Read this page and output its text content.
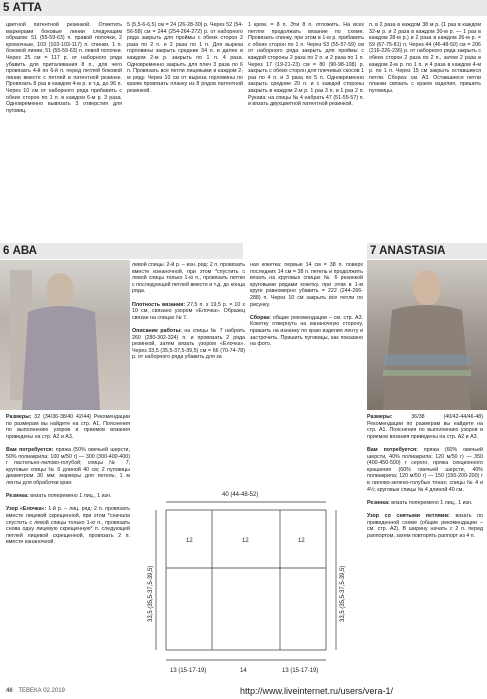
5 АТТА
цветной патентной резинкой. Отметить маркерами боковые линии следующим образом: 51 (55-59-63) п. правой полочки, 2 кромочные, 103 (103-103-117) п. спинки, 1 п. боковой линии, 51 (55-59-63) п. левой полочки. Через 25 см = 117 р. от наборного ряда убавить для приталивания 8 п., для чего провязать 4-й по 6-й п. перед петлей боковой линии вместе с петлей в патентной резинке. Провязать 8 раз в каждом 4-м р. и т.д. до 96 п. Через 10 см от наборного ряда прибавить с обеих сторон по 1 п. в каждом 6-м р. 3 раза. Одновременно вывязать 3 отверстия для пуговиц.
5 (5,5-6-6,5) см = 24 (26-28-30) р. Через 52 (54-56-58) см = 244 (254-264-272) р. от наборного ряда закрыть для проймы с обеих сторон 2 раза по 2 п. и 2 раза по 1 п. Для выреза горловины закрыть средние 34 п. и далее в каждом 2-м р. закрыть по 1 п. 4 раза. Одновременно закрыть для плеч 3 раза по 6 п. Провязать все петли лицевыми в каждом 2-м ряду. Через 10 см от выреза горловины по краям провязать планку из 8 рядов патентной резинкой.
1 кром. = 8 п. Эти 8 п. отложить. На всех петлях продолжать вязание по схеме. Провязать спинку, при этом в 1-м р. прибавить с обеих сторон по 1 п. Через 53 (55-57-59) см от наборного ряда закрыть для проймы с каждой стороны 2 раза по 2 п. и 2 раза по 1 п. Через 17 (19-21-23) см = 80 (90-98-108) р. закрыть с обеих сторон для плечевых скосов 1 раз по 4 п. и 3 раза по 5 п. Одновременно закрыть средние 20 п. и с каждой стороны закрыть в каждом 2-м р. 1 раз 3 п. и 1 раз 2 п. Рукава: на спицы № 4 набрать 47 (51-55-57) п. и вязать двухцветной патентной резинкой.
п. в 2 раза в каждом 38 м р. (1 раз в каждом 32-м р. и 2 раза в каждом 30-м р. — 1 раз в каждом 28-м р.) и 2 раза в каждом 26-м р. = 59 (67-75-81) п. Через 44 (46-48-50) см = 206 (216-226-236) р. от наборного ряда закрыть с обеих сторон 2 раза по 2 п., затем 2 раза в каждом 2-м р. по 1 п. и 4 раза в каждом 4-м р. по 1 п. Через 15 см закрыть оставшиеся петли. Сборка: см. A3. Оставшиеся петли планки связать с краем изделия, пришить пуговицы.
6 АВА	7 ANASTASIA
левой спицы. 2-й р. – изн. ряд: 2 п. провязать вместе изнаночной, при этом *спустить с левой спицы только 1-ю п., провязать петлю с последующей петлей вместе и т.д. до конца ряда.

Плотность вязания: 27,5 п. x 19,5 р. = 10 x 10 см, связано узором «Елочка». Образец связан на спицах № 7.

Описание работы: на спицы № 7 набрать 260 (280-302-324) п. и провязать 2 ряда резинкой, затем вязать узором «Елочка». Через 33,5 (35,5-37,5-39,5) см = 66 (70-74-78) р. от наборного ряда убавить для за
ная кокетка: первые 14 см = 38 п. поверх последних 14 см = 38 п. петель и продолжить вязать на круговых спицах № 6 резинкой круговыми рядами кокетку, при этом в 1-м круге равномерно убавить = 222 (244-266-288) п. Через 10 см закрыть все петли по рисунку.

Сборка: общие рекомендации – см. стр. A3. Кокетку отвернуть на изнаночную сторону, пришить на изнанку по краю изделия ленту и застрочить. Пришить пуговицы, как показано на фото.
Размеры: 32 (34/36-38/40 42/44) Рекомендации по размерам вы найдете на стр. A1. Пояснения по выполнению узоров и приемов вязания приведены на стр. A2 и A3.

Вам потребуется: пряжа (50% овечьей шерсти, 50% полиакрила; 100 м/50 г) — 300 (300-400-400) г пастельно-лилово-голубой; спицы № 7; круговые спицы № 6 длиной 40 см; 2 пуговицы диаметром 30 мм; маркеры для петель; 1 м ленты для обработки края.

Резинка: вязать поперемено 1 лиц., 1 изн.

Узор «Елочка»: 1-й р. – лиц. ряд: 2 п. провязать вместе лицевой скрещенной, при этом *сначала спустить с левой спицы только 1-ю п., провязать снова одну лицевую скрещенную* п. следующей петлей лицевой скрещенной, провязать 2 п. вместе изнаночной.
40 (44-48-52)
33,5 (35,5-37,5-39,5)	33,5 (35,5-37,5-39,5)
12	12	12
13 (15-17-19)	14	13 (15-17-19)
Размеры:	36/38 (40/42-44/46-48) Рекомендации по размерам вы найдете на стр. A1. Пояснения по выполнению узоров и приемов вязания приведены на стр. A2 и A3.

Вам потребуется: пряжа (60% овечьей шерсти, 40% полиакрила; 120 м/50 г) — 350 (400-450-500) г серого, пряжа секционного крашения (60% овечьей шерсти, 40% полиакрила; 120 м/50 г) — 150 (150-200-200) г в лилово-зелено-голубых тонах; спицы № 4 и 4½; круговые спицы № 4 длиной 40 см.

Резинка: вязать поперемено 1 лиц., 1 изн.

Узор со снятыми петлями: вязать по приведенной схеме (общие рекомендации – см. стр. A2). В ширину начать с 2 п. перед раппортом, затем повторять раппорт из 4 п.
46 ТЕВЕКА 02.2019	http://www.liveinternet.ru/users/vera-1/
